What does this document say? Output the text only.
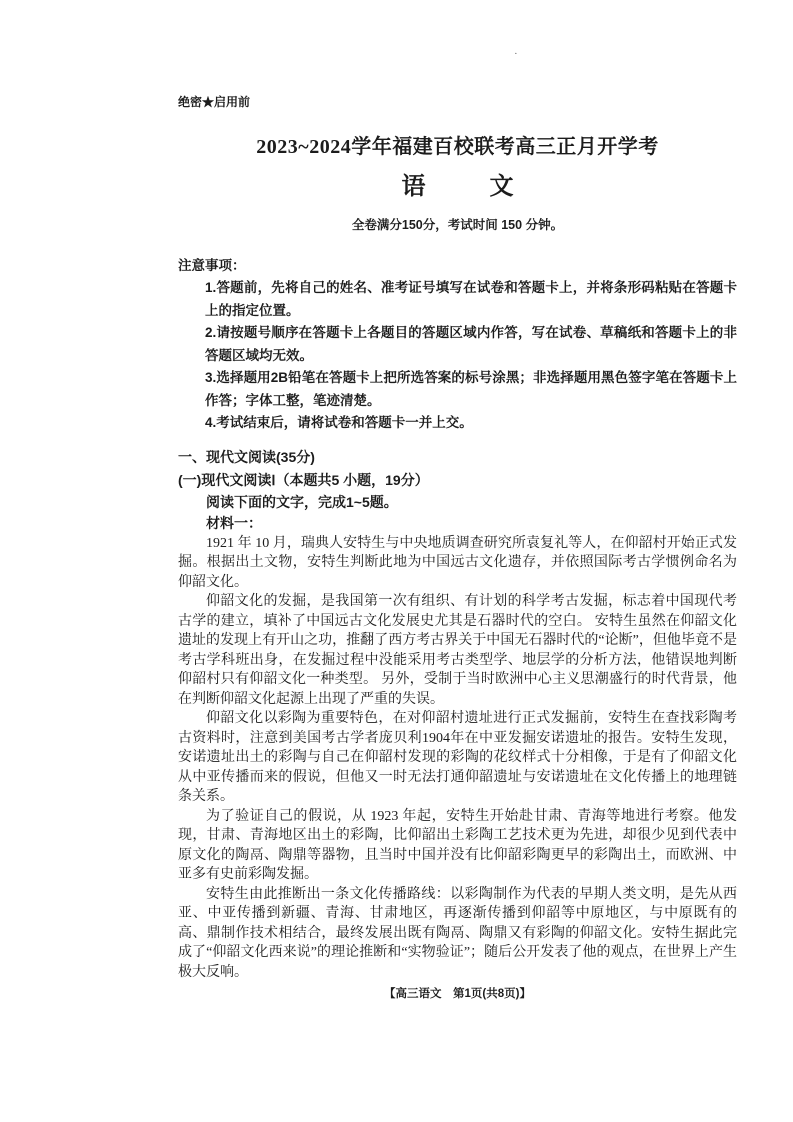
·
绝密★启用前
2023~2024学年福建百校联考高三正月开学考
语	文
全卷满分150分，考试时间 150 分钟。
注意事项：
1.答题前，先将自己的姓名、准考证号填写在试卷和答题卡上，并将条形码粘贴在答题卡上的指定位置。
2.请按题号顺序在答题卡上各题目的答题区域内作答，写在试卷、草稿纸和答题卡上的非答题区域均无效。
3.选择题用2B铅笔在答题卡上把所选答案的标号涂黑；非选择题用黑色签字笔在答题卡上作答；字体工整，笔迹清楚。
4.考试结束后，请将试卷和答题卡一并上交。
一、现代文阅读(35分)
(一)现代文阅读Ⅰ（本题共5 小题，19分）
阅读下面的文字，完成1~5题。
材料一：

1921 年 10 月，瑞典人安特生与中央地质调查研究所袁复礼等人，在仰韶村开始正式发掘。根据出土文物，安特生判断此地为中国远古文化遗存，并依照国际考古学惯例命名为仰韶文化。

仰韶文化的发掘，是我国第一次有组织、有计划的科学考古发掘，标志着中国现代考古学的建立，填补了中国远古文化发展史尤其是石器时代的空白。 安特生虽然在仰韶文化遗址的发现上有开山之功，推翻了西方考古界关于中国无石器时代的“论断”，但他毕竟不是考古学科班出身，在发掘过程中没能采用考古类型学、地层学的分析方法，他错误地判断仰韶村只有仰韶文化一种类型。 另外，受制于当时欧洲中心主义思潮盛行的时代背景，他在判断仰韶文化起源上出现了严重的失误。

仰韶文化以彩陶为重要特色，在对仰韶村遗址进行正式发掘前，安特生在查找彩陶考古资料时，注意到美国考古学者庞贝利1904年在中亚发掘安诺遗址的报告。安特生发现，安诺遗址出土的彩陶与自己在仰韶村发现的彩陶的花纹样式十分相像，于是有了仰韶文化从中亚传播而来的假说，但他又一时无法打通仰韶遗址与安诺遗址在文化传播上的地理链条关系。

为了验证自己的假说，从 1923 年起，安特生开始赴甘肃、青海等地进行考察。他发现，甘肃、青海地区出土的彩陶，比仰韶出土彩陶工艺技术更为先进，却很少见到代表中原文化的陶鬲、陶鼎等器物，且当时中国并没有比仰韶彩陶更早的彩陶出土，而欧洲、中亚多有史前彩陶发掘。

安特生由此推断出一条文化传播路线：以彩陶制作为代表的早期人类文明，是先从西亚、中亚传播到新疆、青海、甘肃地区，再逐渐传播到仰韶等中原地区，与中原既有的高、鼎制作技术相结合，最终发展出既有陶鬲、陶鼎又有彩陶的仰韶文化。安特生据此完成了“仰韶文化西来说”的理论推断和“实物验证”；随后公开发表了他的观点，在世界上产生极大反响。

【高三语文　第1页(共8页)】
